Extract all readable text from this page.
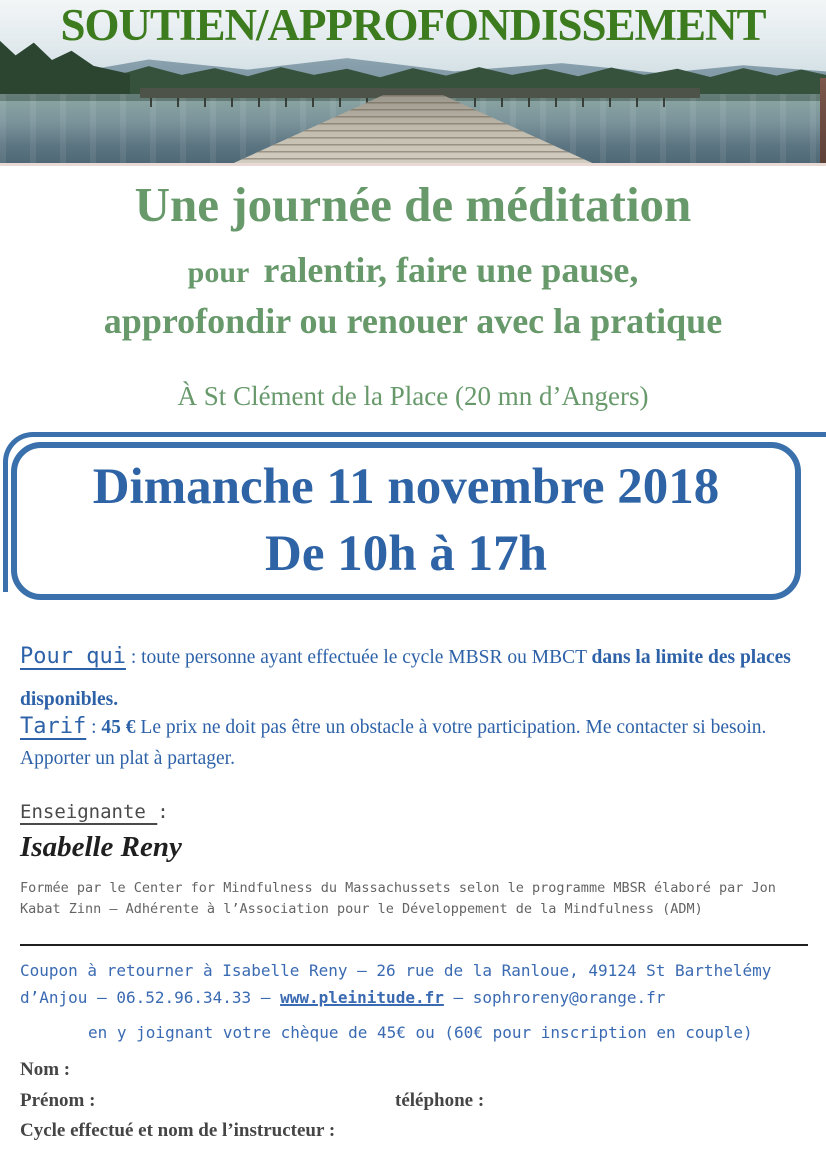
SOUTIEN/APPROFONDISSEMENT
Une journée de méditation
pour ralentir, faire une pause,
approfondir ou renouer avec la pratique
À St Clément de la Place (20 mn d’Angers)
Dimanche 11 novembre 2018
De 10h à 17h
Pour qui : toute personne ayant effectuée le cycle MBSR ou MBCT dans la limite des places
disponibles.
Tarif : 45 € Le prix ne doit pas être un obstacle à votre participation. Me contacter si besoin.
Apporter un plat à partager.
Enseignante :
Isabelle Reny
Formée par le Center for Mindfulness du Massachussets selon le programme MBSR élaboré par Jon
Kabat Zinn – Adhérente à l’Association pour le Développement de la Mindfulness (ADM)
Coupon à retourner à Isabelle Reny – 26 rue de la Ranloue, 49124 St Barthelémy
d’Anjou – 06.52.96.34.33 – www.pleinitude.fr – sophroreny@orange.fr
en y joignant votre chèque de 45€ ou (60€ pour inscription en couple)
Nom :
Prénom :	téléphone :
Cycle effectué et nom de l’instructeur :
